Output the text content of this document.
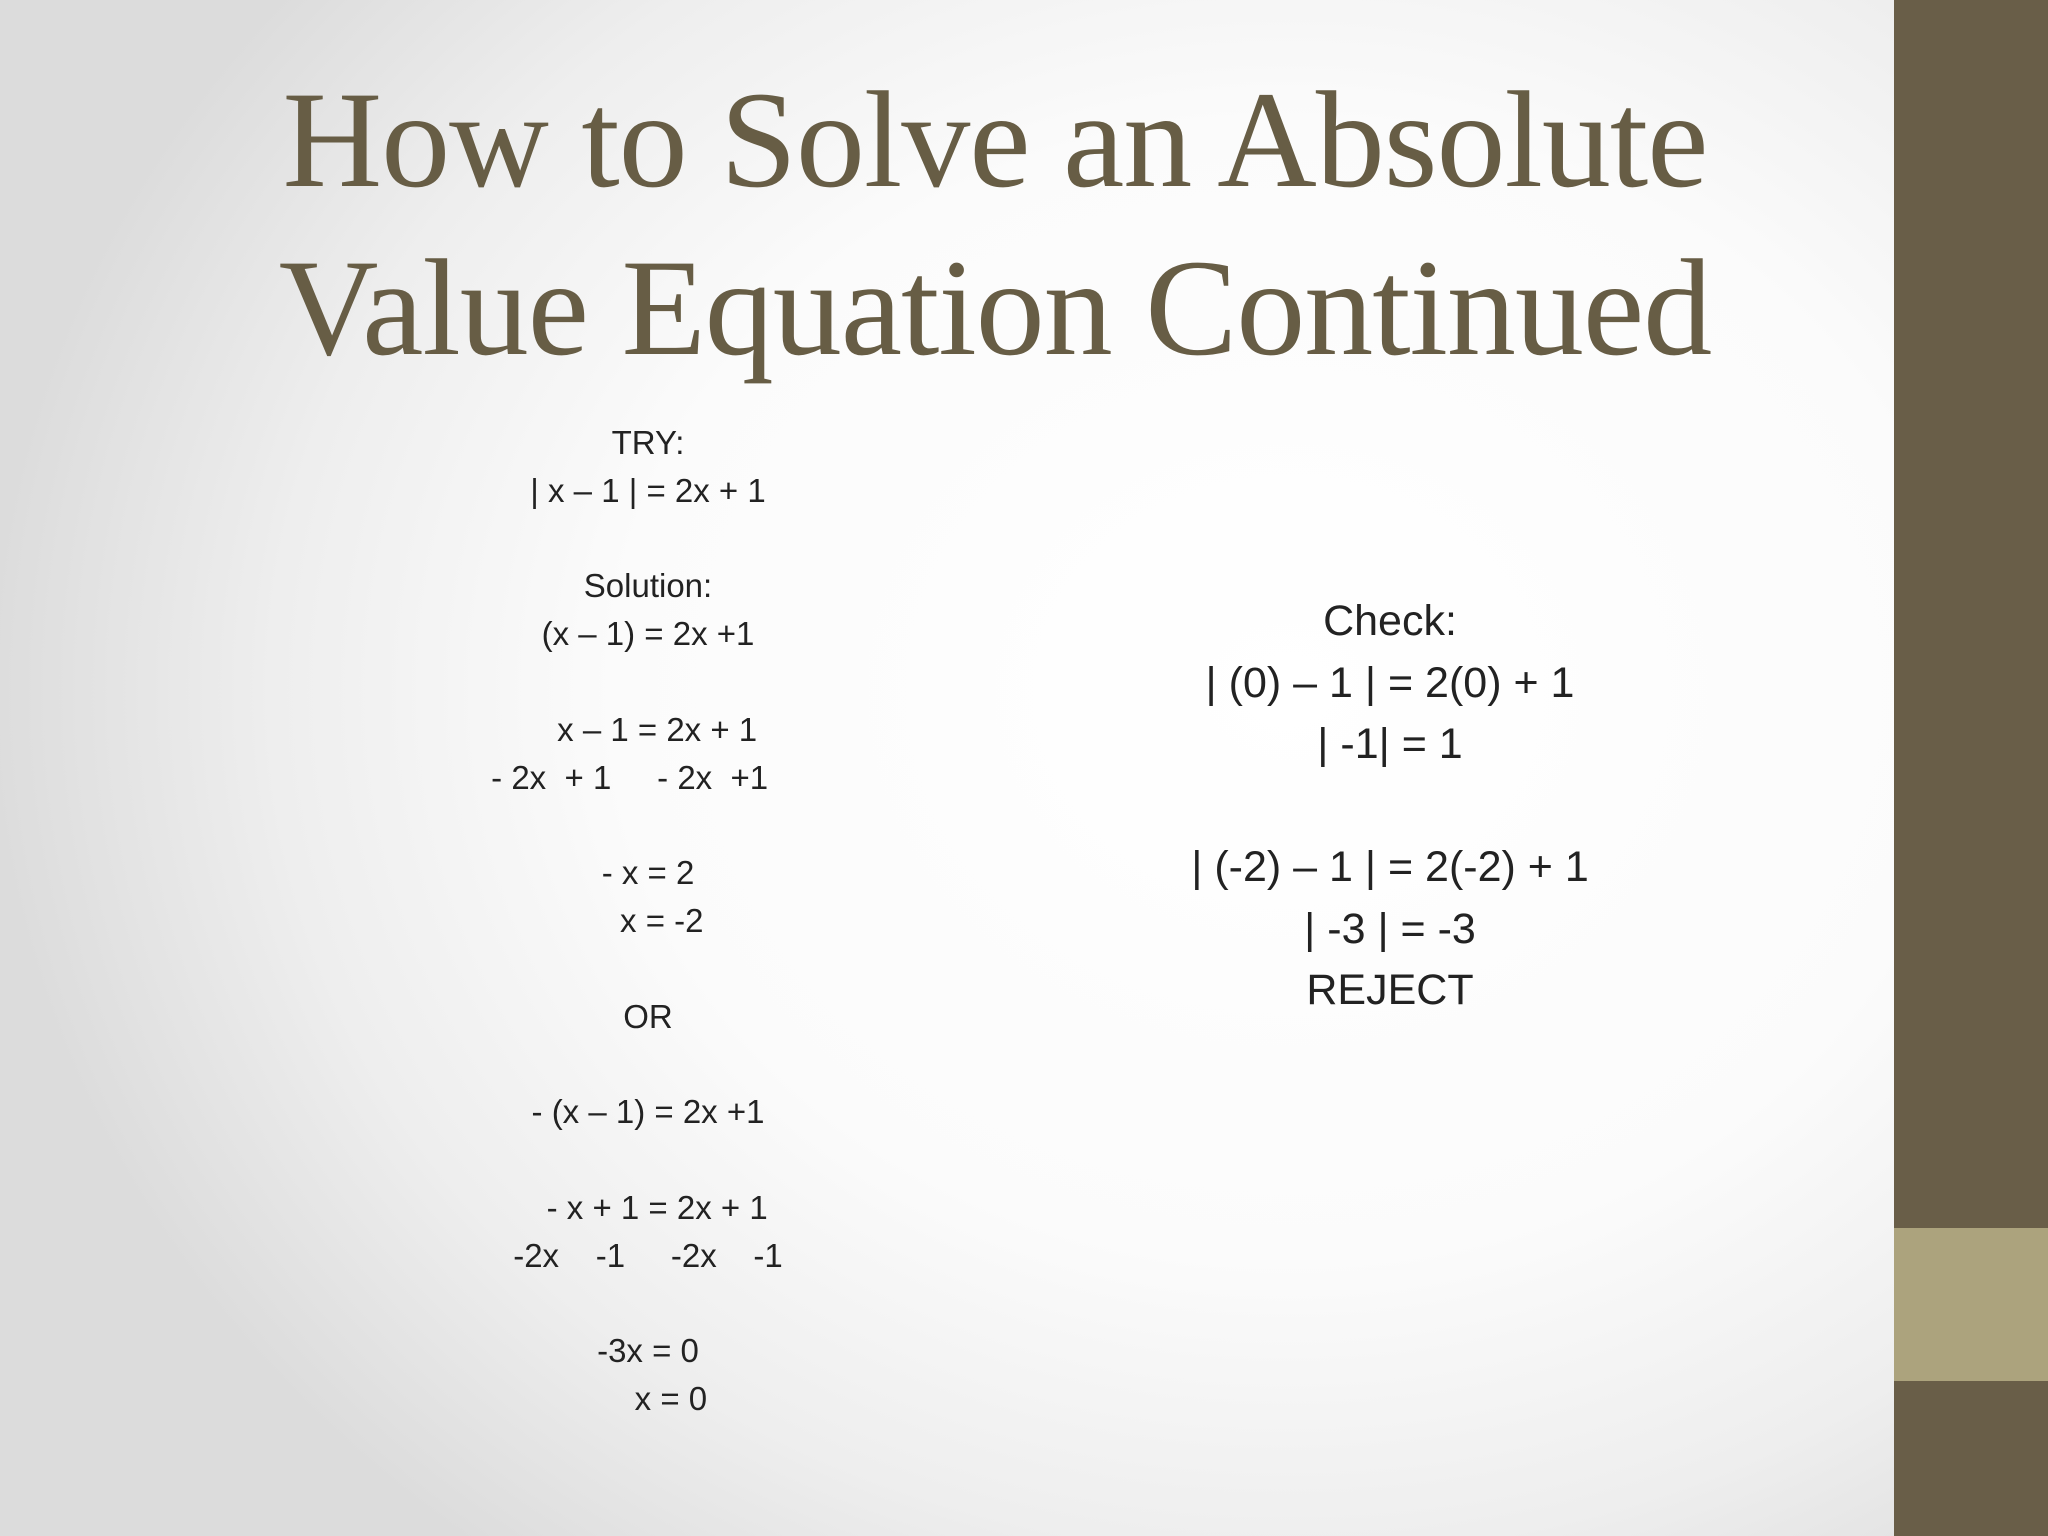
How to Solve an Absolute
Value Equation Continued
TRY:
| x – 1 | = 2x + 1
Solution:
(x – 1) = 2x +1
x – 1 = 2x + 1
- 2x  + 1     - 2x  +1
- x = 2
x = -2
OR
- (x – 1) = 2x +1
- x + 1 = 2x + 1
-2x    -1     -2x    -1
-3x = 0
x = 0
Check:
| (0) – 1 | = 2(0) + 1
| -1| = 1
| (-2) – 1 | = 2(-2) + 1
| -3 | = -3
REJECT
